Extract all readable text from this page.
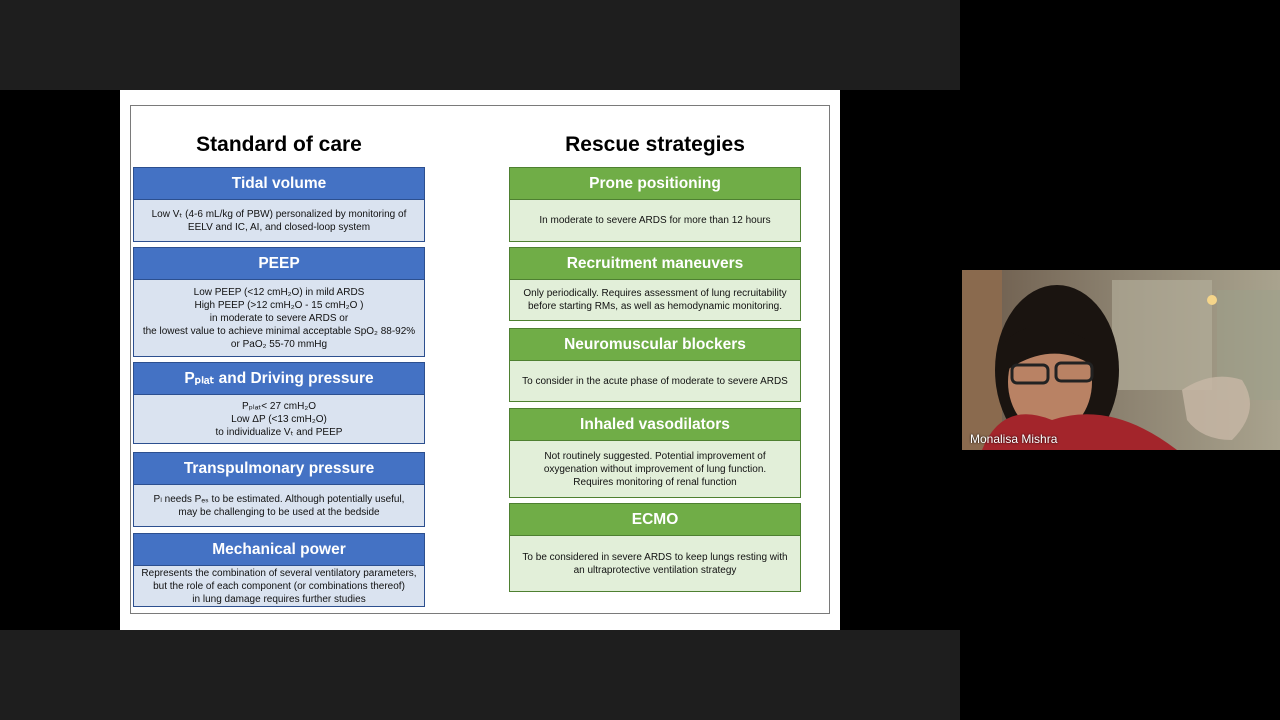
Standard of care	Rescue strategies
Tidal volume
Low Vₜ (4-6 mL/kg of PBW) personalized by monitoring of
EELV and IC, AI, and closed-loop system
PEEP
Low PEEP (<12 cmH₂O) in mild ARDS
High PEEP (>12 cmH₂O - 15 cmH₂O )
in moderate to severe ARDS or
the lowest value to achieve minimal acceptable SpO₂ 88-92%
or PaO₂ 55-70 mmHg
Pₚₗₐₜ and Driving pressure
Pₚₗₐₜ< 27 cmH₂O
Low ΔP (<13 cmH₂O)
to individualize Vₜ and PEEP
Transpulmonary pressure
Pₗ needs Pₑₛ to be estimated. Although potentially useful,
may be challenging to be used at the bedside
Mechanical power
Represents the combination of several ventilatory parameters,
but the role of each component (or combinations thereof)
in lung damage requires further studies
Prone positioning
In moderate to severe ARDS for more than 12 hours
Recruitment maneuvers
Only periodically. Requires assessment of lung recruitability
before starting RMs, as well as hemodynamic monitoring.
Neuromuscular blockers
To consider in the acute phase of moderate to severe ARDS
Inhaled vasodilators
Not routinely suggested. Potential improvement of
oxygenation without improvement of lung function.
Requires monitoring of renal function
ECMO
To be considered in severe ARDS to keep lungs resting with
an ultraprotective ventilation strategy
Monalisa Mishra
